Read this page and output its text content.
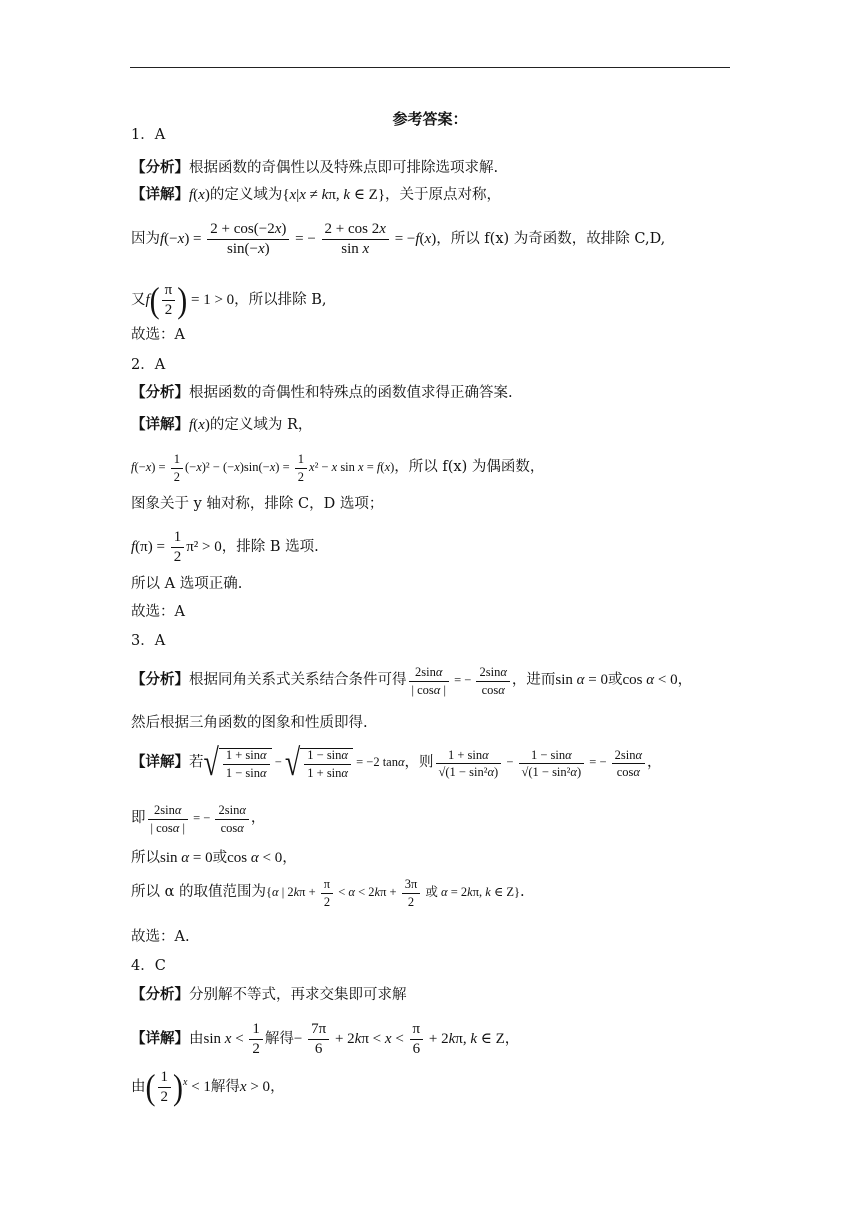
参考答案：
1．A
【分析】根据函数的奇偶性以及特殊点即可排除选项求解.
【详解】f(x)的定义域为{x|x ≠ kπ, k ∈ Z}，关于原点对称，
因为$f(-x) = \frac{2 + \cos(-2x)}{\sin(-x)}$ = − $\frac{2 + \cos 2x}{\text{sin x}} = -f(x)$，所以 f(x) 为奇函数，故排除 C,D,
又$f( \frac{\pi}{2}$ ) = 1 > 0，所以排除 B,
故选：A
2．A
【分析】根据函数的奇偶性和特殊点的函数值求得正确答案.
【详解】f(x)的定义域为 R，
$f(-x) = \frac{1}{2} (-x)^2 - (-x)\sin(-x) = \frac{1}{2} x^2 - x$ sin x = f(x)，所以 f(x) 为偶函数，
图象关于 y 轴对称，排除 C，D 选项；
$f(\pi) = \frac{1}{2} \pi^2 > 0$，排除 B 选项.
所以 A 选项正确.
故选：A
3．A
【分析】根据同角关系式关系结合条件可得 $\frac{2\sin\alpha}{| \cos\alpha |}$ = − $\frac{2\sin\alpha}{\cos\alpha}$ ，进而sin α = 0或cos α < 0，
然后根据三角函数的图象和性质即得.
【详解】若√ $\frac{1 + \sin\alpha}{1 - \sin\alpha}$ − √ $\frac{1 - \sin\alpha}{1 + \sin\alpha} = -2$ tanα，则 $\frac{1 + \sin\alpha}{\text{√(1 − sin²α)}} - \frac{1 - \sin\alpha}{\text{√(1 − sin²α)}}$ = − $\frac{2\sin\alpha}{\cos\alpha}$ ，
即 $\frac{2\sin\alpha}{| \cos\alpha |}$ = − $\frac{2\sin\alpha}{\cos\alpha}$ ，
所以sin α = 0或cos α < 0，
所以 α 的取值范围为{α | $2k\pi + \frac{\pi}{2} < \alpha < 2k\pi + \frac{3\pi}{2}$ 或 α = 2kπ, k ∈ Z}.
故选：A.
4．C
【分析】分别解不等式，再求交集即可求解
【详解】由$\sin x < \frac{1}{2}$ 解得− $\frac{7\pi}{6} + 2k\pi < x < \frac{\pi}{6} + 2k\pi$, k ∈ Z，
由( $\frac{1}{2} )^x < 1$解得x > 0，
